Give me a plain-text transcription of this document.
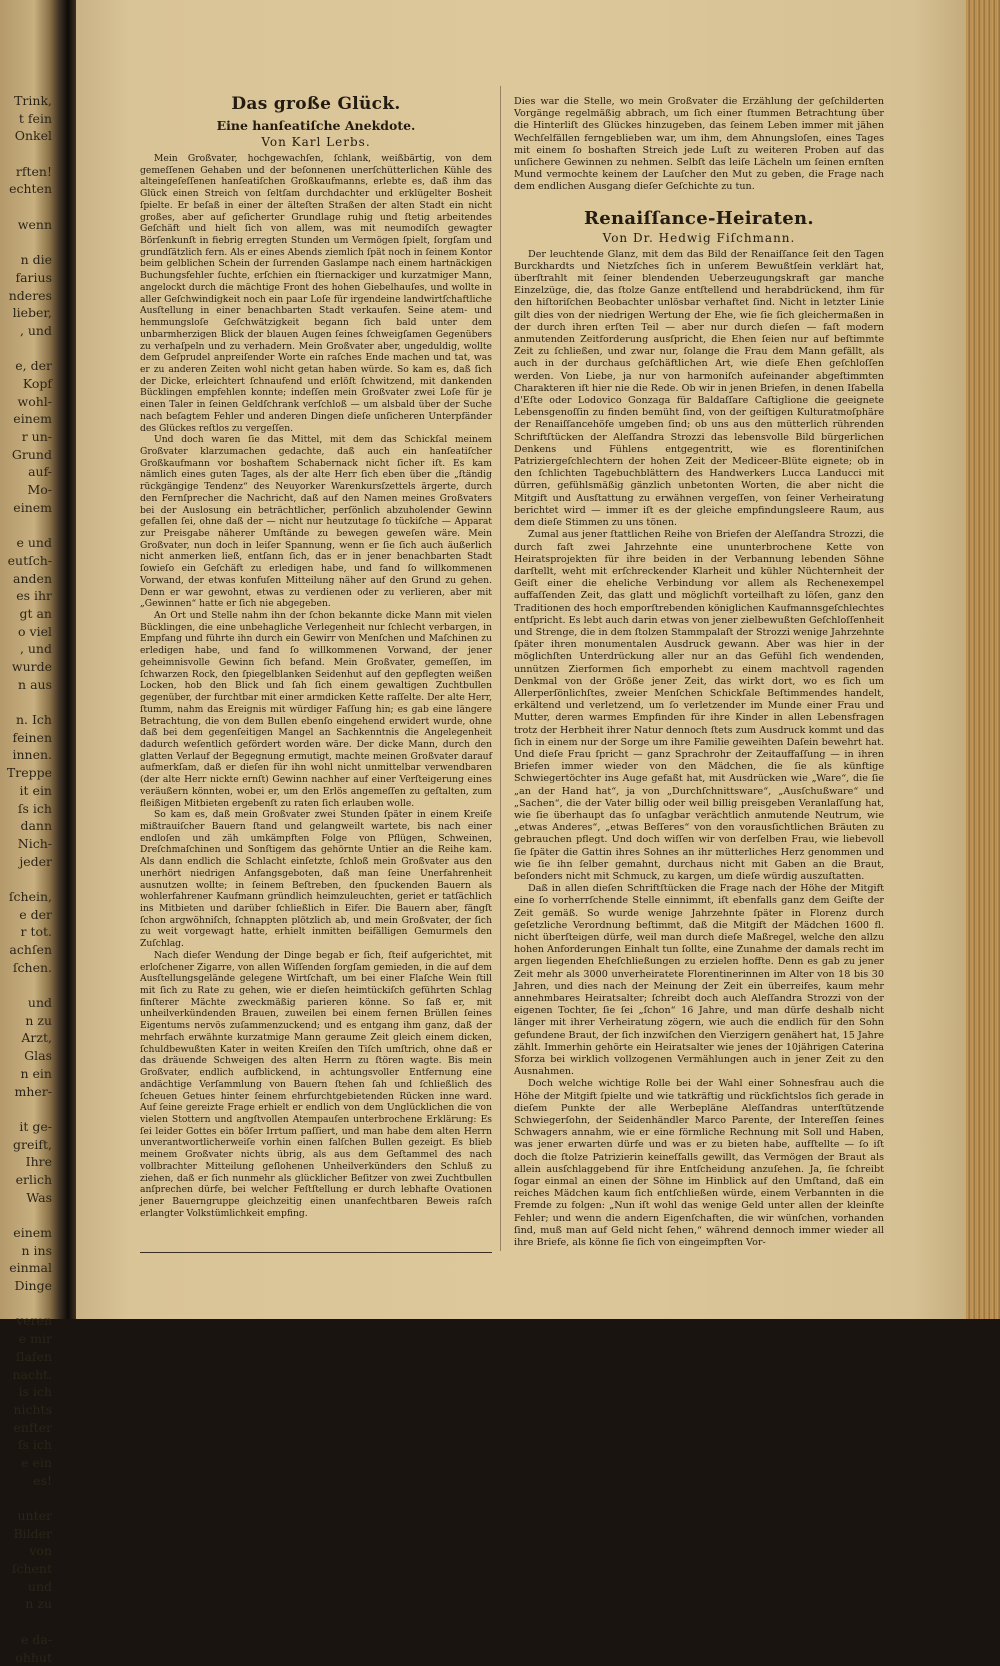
Trink,
t fein
Onkel
rften!
echten
wenn
n die
farius
nderes
lieber,
, und
e, der
Kopf
wohl-
einem
r un-
Grund
auf-
Mo-
einem
e und
eutſch-
anden
es ihr
gt an
o viel
, und
wurde
n aus
n. Ich
feinen
innen.
Treppe
it ein
ſs ich
dann
Nich-
jeder
ſchein,
e der
r tot.
achſen
ſchen.
und
n zu
Arzt,
Glas
n ein
mher-
it ge-
greift,
Ihre
erlich
Was
einem
n ins
einmal
Dinge
veren
e mir
ſlafen
nacht.
is ich
nichts
enfter
ſs ich
e ein
es!
unter
Bilder
von
ſchent
und
n zu
e da-
ohhut
Das große Glück.
Eine hanſeatiſche Anekdote.
Von Karl Lerbs.

Mein Großvater, hochgewachſen, ſchlank, weißbärtig, von dem gemeſſenen Gehaben und der beſonnenen unerſchütterlichen Kühle des alteingeſeſſenen hanſeatiſchen Großkaufmanns, erlebte es, daß ihm das Glück einen Streich von ſeltſam durchdachter und erklügelter Bosheit ſpielte. Er beſaß in einer der älteſten Straßen der alten Stadt ein nicht großes, aber auf geſicherter Grundlage ruhig und ſtetig arbeitendes Geſchäft und hielt ſich von allem, was mit neumodiſch gewagter Börſenkunſt in fiebrig erregten Stunden um Vermögen ſpielt, ſorgſam und grundſätzlich fern. Als er eines Abends ziemlich ſpät noch in ſeinem Kontor beim gelblichen Schein der ſurrenden Gaslampe nach einem hartnäckigen Buchungsfehler ſuchte, erſchien ein ſtiernackiger und kurzatmiger Mann, angelockt durch die mächtige Front des hohen Giebelhauſes, und wollte in aller Geſchwindigkeit noch ein paar Loſe für irgendeine landwirtſchaftliche Ausſtellung in einer benachbarten Stadt verkaufen. Seine atem- und hemmungsloſe Geſchwätzigkeit begann ſich bald unter dem unbarmherzigen Blick der blauen Augen ſeines ſchweigſamen Gegenübers zu verhaſpeln und zu verhadern. Mein Großvater aber, ungeduldig, wollte dem Geſprudel anpreiſender Worte ein raſches Ende machen und tat, was er zu anderen Zeiten wohl nicht getan haben würde. So kam es, daß ſich der Dicke, erleichtert ſchnaufend und erlöſt ſchwitzend, mit dankenden Bücklingen empfehlen konnte; indeſſen mein Großvater zwei Loſe für je einen Taler in ſeinen Geldſchrank verſchloß — um alsbald über der Suche nach beſagtem Fehler und anderen Dingen dieſe unſicheren Unterpfänder des Glückes reſtlos zu vergeſſen.

Und doch waren ſie das Mittel, mit dem das Schickſal meinem Großvater klarzumachen gedachte, daß auch ein hanſeatiſcher Großkaufmann vor boshaftem Schabernack nicht ſicher iſt. Es kam nämlich eines guten Tages, als der alte Herr ſich eben über die „ſtändig rückgängige Tendenz“ des Neuyorker Warenkursſzettels ärgerte, durch den Fernſprecher die Nachricht, daß auf den Namen meines Großvaters bei der Auslosung ein beträchtlicher, perſönlich abzuholender Gewinn gefallen ſei, ohne daß der — nicht nur heutzutage ſo tückiſche — Apparat zur Preisgabe näherer Umſtände zu bewegen geweſen wäre. Mein Großvater, nun doch in leiſer Spannung, wenn er ſie ſich auch äußerlich nicht anmerken ließ, entſann ſich, das er in jener benachbarten Stadt ſowieſo ein Geſchäft zu erledigen habe, und fand ſo willkommenen Vorwand, der etwas konfuſen Mitteilung näher auf den Grund zu gehen. Denn er war gewohnt, etwas zu verdienen oder zu verlieren, aber mit „Gewinnen“ hatte er ſich nie abgegeben.

An Ort und Stelle nahm ihn der ſchon bekannte dicke Mann mit vielen Bücklingen, die eine unbehagliche Verlegenheit nur ſchlecht verbargen, in Empfang und führte ihn durch ein Gewirr von Menſchen und Maſchinen zu erledigen habe, und fand ſo willkommenen Vorwand, der jener geheimnisvolle Gewinn ſich befand. Mein Großvater, gemeſſen, im ſchwarzen Rock, den ſpiegelblanken Seidenhut auf den gepflegten weißen Locken, hob den Blick und ſah ſich einem gewaltigen Zuchtbullen gegenüber, der furchtbar mit einer armdicken Kette raſſelte. Der alte Herr, ſtumm, nahm das Ereignis mit würdiger Faſſung hin; es gab eine längere Betrachtung, die von dem Bullen ebenſo eingehend erwidert wurde, ohne daß bei dem gegenſeitigen Mangel an Sachkenntnis die Angelegenheit dadurch weſentlich gefördert worden wäre. Der dicke Mann, durch den glatten Verlauf der Begegnung ermutigt, machte meinen Großvater darauf aufmerkſam, daß er dieſen für ihn wohl nicht unmittelbar verwendbaren (der alte Herr nickte ernſt) Gewinn nachher auf einer Verſteigerung eines veräußern könnten, wobei er, um den Erlös angemeſſen zu geſtalten, zum fleißigen Mitbieten ergebenſt zu raten ſich erlauben wolle.

So kam es, daß mein Großvater zwei Stunden ſpäter in einem Kreiſe mißtrauiſcher Bauern ſtand und gelangweilt wartete, bis nach einer endloſen und zäh umkämpften Folge von Pflügen, Schweinen, Dreſchmaſchinen und Sonſtigem das gehörnte Untier an die Reihe kam. Als dann endlich die Schlacht einſetzte, ſchloß mein Großvater aus den unerhört niedrigen Anfangsgeboten, daß man ſeine Unerfahrenheit ausnutzen wollte; in ſeinem Beſtreben, den ſpuckenden Bauern als wohlerfahrener Kaufmann gründlich heimzuleuchten, geriet er tatſächlich ins Mitbieten und darüber ſchließlich in Eifer. Die Bauern aber, fängſt ſchon argwöhniſch, ſchnappten plötzlich ab, und mein Großvater, der ſich zu weit vorgewagt hatte, erhielt inmitten beifälligen Gemurmels den Zuſchlag.

Nach dieſer Wendung der Dinge begab er ſich, ſteif aufgerichtet, mit erloſchener Zigarre, von allen Wiſſenden ſorgſam gemieden, in die auf dem Ausſtellungsgelände gelegene Wirtſchaft, um bei einer Flaſche Wein ſtill mit ſich zu Rate zu gehen, wie er dieſen heimtückiſch geführten Schlag finſterer Mächte zweckmäßig parieren könne. So ſaß er, mit unheilverkündenden Brauen, zuweilen bei einem fernen Brüllen ſeines Eigentums nervös zuſammenzuckend; und es entgang ihm ganz, daß der mehrfach erwähnte kurzatmige Mann geraume Zeit gleich einem dicken, ſchuldbewußten Kater in weiten Kreiſen den Tiſch umſtrich, ohne daß er das dräuende Schweigen des alten Herrn zu ſtören wagte. Bis mein Großvater, endlich aufblickend, in achtungsvoller Entfernung eine andächtige Verſammlung von Bauern ſtehen ſah und ſchließlich des ſcheuen Getues hinter ſeinem ehrfurchtgebietenden Rücken inne ward. Auf ſeine gereizte Frage erhielt er endlich von dem Unglücklichen die von vielen Stottern und angſtvollen Atempauſen unterbrochene Erklärung: Es ſei leider Gottes ein böſer Irrtum paſſiert, und man habe dem alten Herrn unverantwortlicherweiſe vorhin einen falſchen Bullen gezeigt. Es blieb meinem Großvater nichts übrig, als aus dem Geſtammel des nach vollbrachter Mitteilung geſlohenen Unheilverkünders den Schluß zu ziehen, daß er ſich nunmehr als glücklicher Beſitzer von zwei Zuchtbullen anſprechen dürfe, bei welcher Feſtſtellung er durch lebhafte Ovationen jener Bauerngruppe gleichzeitig einen unanfechtbaren Beweis raſch erlangter Volkstümlichkeit empfing.

Dies war die Stelle, wo mein Großvater die Erzählung der geſchilderten Vorgänge regelmäßig abbrach, um ſich einer ſtummen Betrachtung über die Hinterliſt des Glückes hinzugeben, das ſeinem Leben immer mit jähen Wechſelfällen ferngeblieben war, um ihm, dem Ahnungsloſen, eines Tages mit einem ſo boshaften Streich jede Luſt zu weiteren Proben auf das unſichere Gewinnen zu nehmen. Selbſt das leiſe Lächeln um ſeinen ernſten Mund vermochte keinem der Lauſcher den Mut zu geben, die Frage nach dem endlichen Ausgang dieſer Geſchichte zu tun.

Renaiſſance-Heiraten.
Von Dr. Hedwig Fiſchmann.

Der leuchtende Glanz, mit dem das Bild der Renaiſſance ſeit den Tagen Burckhardts und Nietzſches ſich in unſerem Bewußtſein verklärt hat, überſtrahlt mit ſeiner blendenden Ueberzeugungskraft gar manche Einzelzüge, die, das ſtolze Ganze entſtellend und herabdrückend, ihm für den hiſtoriſchen Beobachter unlösbar verhaftet ſind. Nicht in letzter Linie gilt dies von der niedrigen Wertung der Ehe, wie ſie ſich gleichermaßen in der durch ihren erſten Teil — aber nur durch dieſen — faſt modern anmutenden Zeitforderung ausſpricht, die Ehen ſeien nur auf beſtimmte Zeit zu ſchließen, und zwar nur, ſolange die Frau dem Mann gefällt, als auch in der durchaus geſchäftlichen Art, wie dieſe Ehen geſchloſſen werden. Von Liebe, ja nur von harmoniſch aufeinander abgeſtimmten Charakteren iſt hier nie die Rede. Ob wir in jenen Briefen, in denen Iſabella d'Eſte oder Lodovico Gonzaga für Baldaſſare Caſtiglione die geeignete Lebensgenoſſin zu finden bemüht ſind, von der geiſtigen Kulturatmoſphäre der Renaiſſancehöfe umgeben ſind; ob uns aus den mütterlich rührenden Schriftſtücken der Aleſſandra Strozzi das lebensvolle Bild bürgerlichen Denkens und Fühlens entgegentritt, wie es florentiniſchen Patriziergeſchlechtern der hohen Zeit der Mediceer-Blüte eignete; ob in den ſchlichten Tagebuchblättern des Handwerkers Lucca Landucci mit dürren, gefühlsmäßig gänzlich unbetonten Worten, die aber nicht die Mitgift und Ausſtattung zu erwähnen vergeſſen, von ſeiner Verheiratung berichtet wird — immer iſt es der gleiche empfindungsleere Raum, aus dem dieſe Stimmen zu uns tönen.

Zumal aus jener ſtattlichen Reihe von Briefen der Aleſſandra Strozzi, die durch faſt zwei Jahrzehnte eine ununterbrochene Kette von Heiratsprojekten für ihre beiden in der Verbannung lebenden Söhne darſtellt, weht mit erſchreckender Klarheit und kühler Nüchternheit der Geiſt einer die eheliche Verbindung vor allem als Rechenexempel auffaſſenden Zeit, das glatt und möglichſt vorteilhaft zu löſen, ganz den Traditionen des hoch emporſtrebenden königlichen Kaufmannsgeſchlechtes entſpricht. Es lebt auch darin etwas von jener zielbewußten Geſchloſſenheit und Strenge, die in dem ſtolzen Stammpalaſt der Strozzi wenige Jahrzehnte ſpäter ihren monumentalen Ausdruck gewann. Aber was hier in der möglichſten Unterdrückung aller nur an das Gefühl ſich wendenden, unnützen Zierformen ſich emporhebt zu einem machtvoll ragenden Denkmal von der Größe jener Zeit, das wirkt dort, wo es ſich um Allerperſönlichſtes, zweier Menſchen Schickſale Beſtimmendes handelt, erkältend und verletzend, um ſo verletzender im Munde einer Frau und Mutter, deren warmes Empfinden für ihre Kinder in allen Lebensfragen trotz der Herbheit ihrer Natur dennoch ſtets zum Ausdruck kommt und das ſich in einem nur der Sorge um ihre Familie geweihten Daſein bewehrt hat. Und dieſe Frau ſpricht — ganz Sprachrohr der Zeitauffaſſung — in ihren Briefen immer wieder von den Mädchen, die ſie als künftige Schwiegertöchter ins Auge gefaßt hat, mit Ausdrücken wie „Ware“, die ſie „an der Hand hat“, ja von „Durchſchnittsware“, „Ausſchußware“ und „Sachen“, die der Vater billig oder weil billig preisgeben Veranlaſſung hat, wie ſie überhaupt das ſo unſagbar verächtlich anmutende Neutrum, wie „etwas Anderes“, „etwas Beſſeres“ von den vorausſichtlichen Bräuten zu gebrauchen pflegt. Und doch wiſſen wir von derſelben Frau, wie liebevoll ſie ſpäter die Gattin ihres Sohnes an ihr mütterliches Herz genommen und wie ſie ihn ſelber gemahnt, durchaus nicht mit Gaben an die Braut, beſonders nicht mit Schmuck, zu kargen, um dieſe würdig auszuſtatten.

Daß in allen dieſen Schriftſtücken die Frage nach der Höhe der Mitgift eine ſo vorherrſchende Stelle einnimmt, iſt ebenfalls ganz dem Geiſte der Zeit gemäß. So wurde wenige Jahrzehnte ſpäter in Florenz durch geſetzliche Verordnung beſtimmt, daß die Mitgift der Mädchen 1600 fl. nicht überſteigen dürfe, weil man durch dieſe Maßregel, welche den allzu hohen Anforderungen Einhalt tun ſollte, eine Zunahme der damals recht im argen liegenden Eheſchließungen zu erzielen hoffte. Denn es gab zu jener Zeit mehr als 3000 unverheiratete Florentinerinnen im Alter von 18 bis 30 Jahren, und dies nach der Meinung der Zeit ein überreifes, kaum mehr annehmbares Heiratsalter; ſchreibt doch auch Aleſſandra Strozzi von der eigenen Tochter, ſie ſei „ſchon“ 16 Jahre, und man dürfe deshalb nicht länger mit ihrer Verheiratung zögern, wie auch die endlich für den Sohn gefundene Braut, der ſich inzwiſchen den Vierzigern genähert hat, 15 Jahre zählt. Immerhin gehörte ein Heiratsalter wie jenes der 10jährigen Caterina Sforza bei wirklich vollzogenen Vermählungen auch in jener Zeit zu den Ausnahmen.

Doch welche wichtige Rolle bei der Wahl einer Sohnesfrau auch die Höhe der Mitgift ſpielte und wie tatkräftig und rückſichtslos ſich gerade in dieſem Punkte der alle Werbepläne Aleſſandras unterſtützende Schwiegerſohn, der Seidenhändler Marco Parente, der Intereſſen ſeines Schwagers annahm, wie er eine förmliche Rechnung mit Soll und Haben, was jener erwarten dürfe und was er zu bieten habe, aufſtellte — ſo iſt doch die ſtolze Patrizierin keineſfalls gewillt, das Vermögen der Braut als allein ausſchlaggebend für ihre Entſcheidung anzuſehen. Ja, ſie ſchreibt ſogar einmal an einen der Söhne im Hinblick auf den Umſtand, daß ein reiches Mädchen kaum ſich entſchließen würde, einem Verbannten in die Fremde zu folgen: „Nun iſt wohl das wenige Geld unter allen der kleinſte Fehler; und wenn die andern Eigenſchaften, die wir wünſchen, vorhanden ſind, muß man auf Geld nicht ſehen,“ während dennoch immer wieder all ihre Briefe, als könne ſie ſich von eingeimpften Vor-
